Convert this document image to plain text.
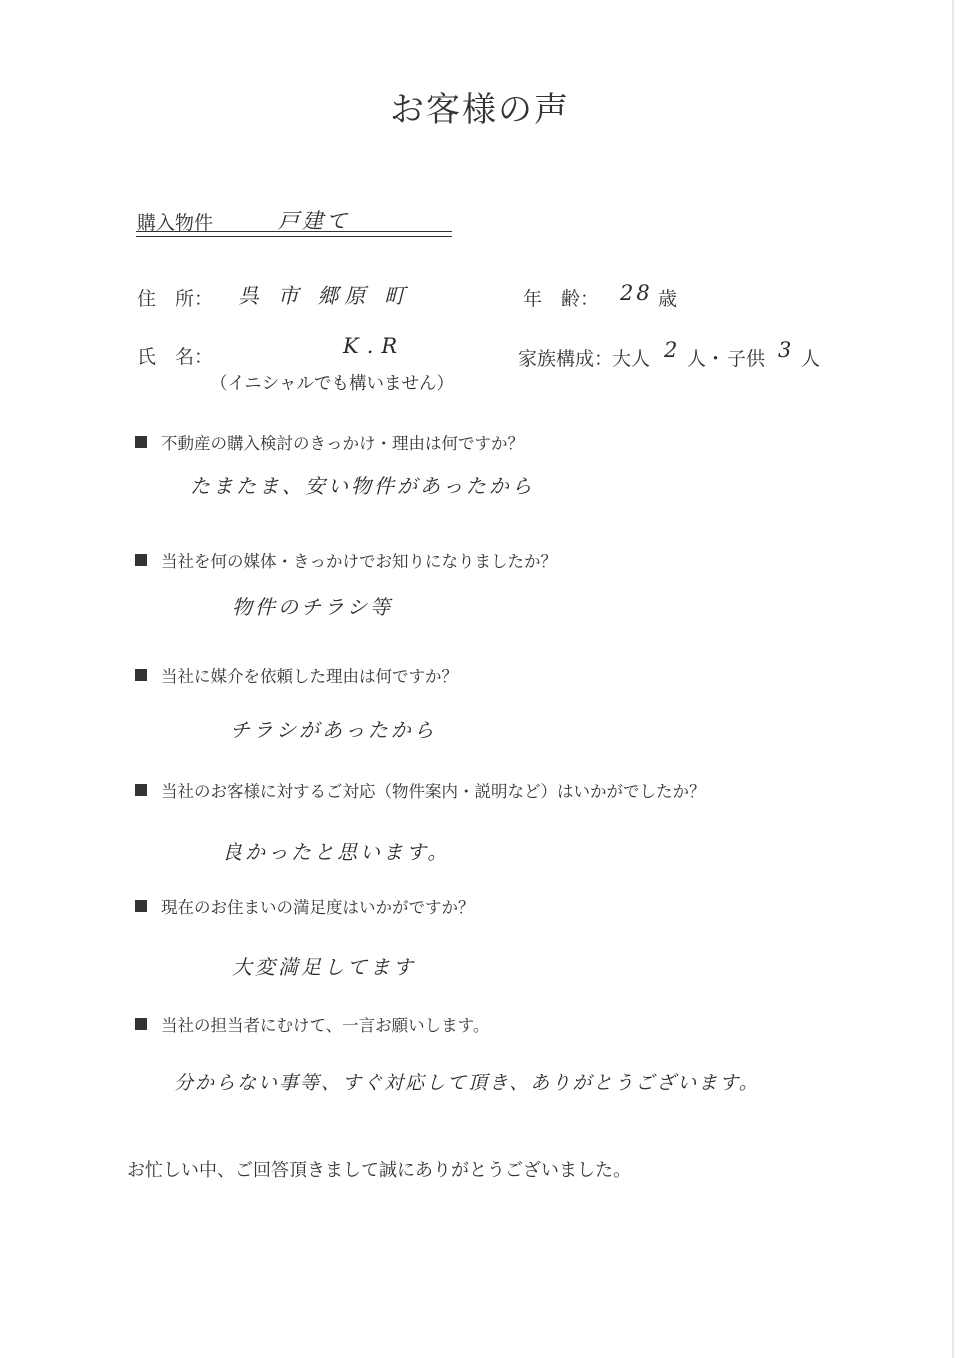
お客様の声
購入物件	戸建て
住　所： 呉 市 郷原 町	年　齢： 28 歳
氏　名：	K.R
（イニシャルでも構いません）
家族構成：
大人 2 人・ 子供 3 人
不動産の購入検討のきっかけ・理由は何ですか？
たまたま、安い物件があったから
当社を何の媒体・きっかけでお知りになりましたか？
物件のチラシ等
当社に媒介を依頼した理由は何ですか？
チラシがあったから
当社のお客様に対するご対応（物件案内・説明など）はいかがでしたか？
良かったと思います。
現在のお住まいの満足度はいかがですか？
大変満足してます
当社の担当者にむけて、一言お願いします。
分からない事等、すぐ対応して頂き、ありがとうございます。
お忙しい中、ご回答頂きまして誠にありがとうございました。
